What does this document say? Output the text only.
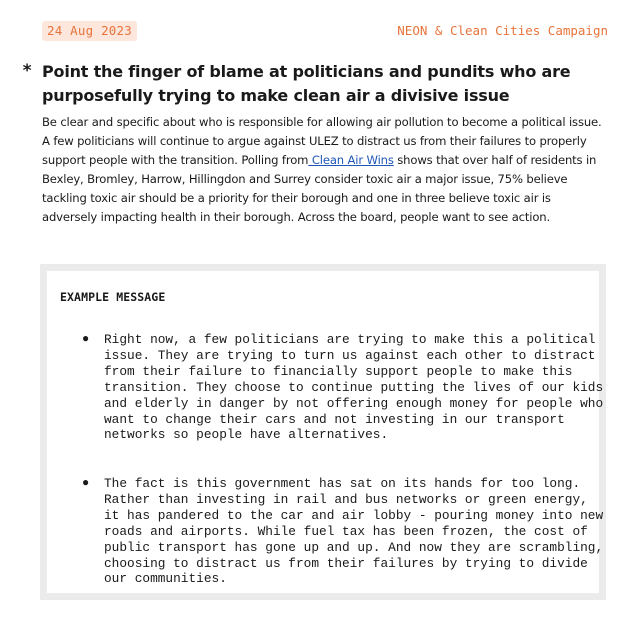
24 Aug 2023	NEON & Clean Cities Campaign
* Point the finger of blame at politicians and pundits who are purposefully trying to make clean air a divisive issue

Be clear and specific about who is responsible for allowing air pollution to become a political issue. A few politicians will continue to argue against ULEZ to distract us from their failures to properly support people with the transition. Polling from Clean Air Wins shows that over half of residents in Bexley, Bromley, Harrow, Hillingdon and Surrey consider toxic air a major issue, 75% believe tackling toxic air should be a priority for their borough and one in three believe toxic air is adversely impacting health in their borough. Across the board, people want to see action.

EXAMPLE MESSAGE
● Right now, a few politicians are trying to make this a political issue. They are trying to turn us against each other to distract from their failure to financially support people to make this transition. They choose to continue putting the lives of our kids and elderly in danger by not offering enough money for people who want to change their cars and not investing in our transport networks so people have alternatives.
● The fact is this government has sat on its hands for too long. Rather than investing in rail and bus networks or green energy, it has pandered to the car and air lobby - pouring money into new roads and airports. While fuel tax has been frozen, the cost of public transport has gone up and up. And now they are scrambling, choosing to distract us from their failures by trying to divide our communities.
